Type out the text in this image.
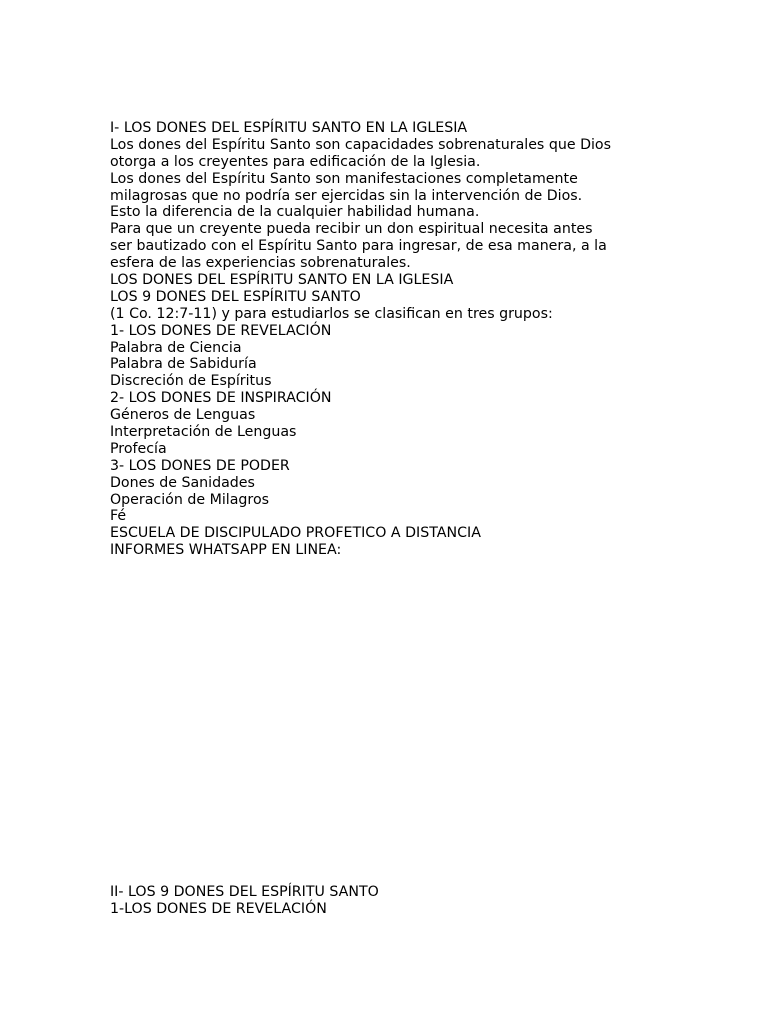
I- LOS DONES DEL ESPÍRITU SANTO EN LA IGLESIA
Los dones del Espíritu Santo son capacidades sobrenaturales que Dios
otorga a los creyentes para edificación de la Iglesia.
Los dones del Espíritu Santo son manifestaciones completamente
milagrosas que no podría ser ejercidas sin la intervención de Dios.
Esto la diferencia de la cualquier habilidad humana.
Para que un creyente pueda recibir un don espiritual necesita antes
ser bautizado con el Espíritu Santo para ingresar, de esa manera, a la
esfera de las experiencias sobrenaturales.
LOS DONES DEL ESPÍRITU SANTO EN LA IGLESIA
LOS 9 DONES DEL ESPÍRITU SANTO
(1 Co. 12:7-11) y para estudiarlos se clasifican en tres grupos:
1- LOS DONES DE REVELACIÓN
Palabra de Ciencia
Palabra de Sabiduría
Discreción de Espíritus
2- LOS DONES DE INSPIRACIÓN
Géneros de Lenguas
Interpretación de Lenguas
Profecía
3- LOS DONES DE PODER
Dones de Sanidades
Operación de Milagros
Fé
ESCUELA DE DISCIPULADO PROFETICO A DISTANCIA
INFORMES WHATSAPP EN LINEA:
II- LOS 9 DONES DEL ESPÍRITU SANTO
1-LOS DONES DE REVELACIÓN
